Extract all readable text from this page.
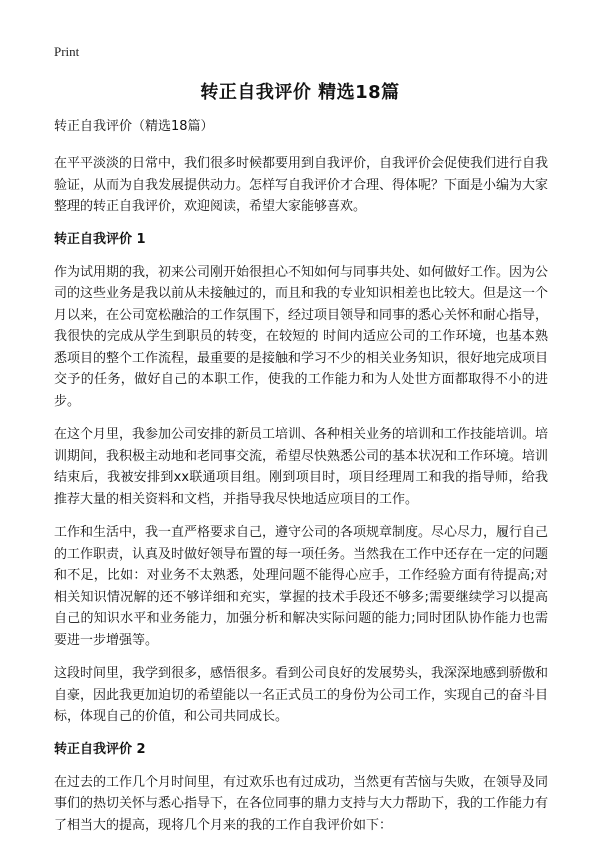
Print
转正自我评价 精选18篇

转正自我评价（精选18篇）

在平平淡淡的日常中，我们很多时候都要用到自我评价，自我评价会促使我们进行自我验证，从而为自我发展提供动力。怎样写自我评价才合理、得体呢？下面是小编为大家整理的转正自我评价，欢迎阅读，希望大家能够喜欢。

转正自我评价 1

作为试用期的我，初来公司刚开始很担心不知如何与同事共处、如何做好工作。因为公司的这些业务是我以前从未接触过的，而且和我的专业知识相差也比较大。但是这一个月以来，在公司宽松融洽的工作氛围下，经过项目领导和同事的悉心关怀和耐心指导，我很快的完成从学生到职员的转变，在较短的 时间内适应公司的工作环境，也基本熟悉项目的整个工作流程，最重要的是接触和学习不少的相关业务知识，很好地完成项目交予的任务，做好自己的本职工作，使我的工作能力和为人处世方面都取得不小的进步。

在这个月里，我参加公司安排的新员工培训、各种相关业务的培训和工作技能培训。培训期间，我积极主动地和老同事交流，希望尽快熟悉公司的基本状况和工作环境。培训结束后，我被安排到xx联通项目组。刚到项目时，项目经理周工和我的指导师，给我推荐大量的相关资料和文档，并指导我尽快地适应项目的工作。

工作和生活中，我一直严格要求自己，遵守公司的各项规章制度。尽心尽力，履行自己的工作职责，认真及时做好领导布置的每一项任务。当然我在工作中还存在一定的问题和不足，比如：对业务不太熟悉，处理问题不能得心应手，工作经验方面有待提高;对相关知识情况解的还不够详细和充实，掌握的技术手段还不够多;需要继续学习以提高自己的知识水平和业务能力，加强分析和解决实际问题的能力;同时团队协作能力也需要进一步增强等。

这段时间里，我学到很多，感悟很多。看到公司良好的发展势头，我深深地感到骄傲和自豪，因此我更加迫切的希望能以一名正式员工的身份为公司工作，实现自己的奋斗目标，体现自己的价值，和公司共同成长。

转正自我评价 2

在过去的工作几个月时间里，有过欢乐也有过成功，当然更有苦恼与失败，在领导及同事们的热切关怀与悉心指导下，在各位同事的鼎力支持与大力帮助下，我的工作能力有了相当大的提高，现将几个月来的我的工作自我评价如下：
